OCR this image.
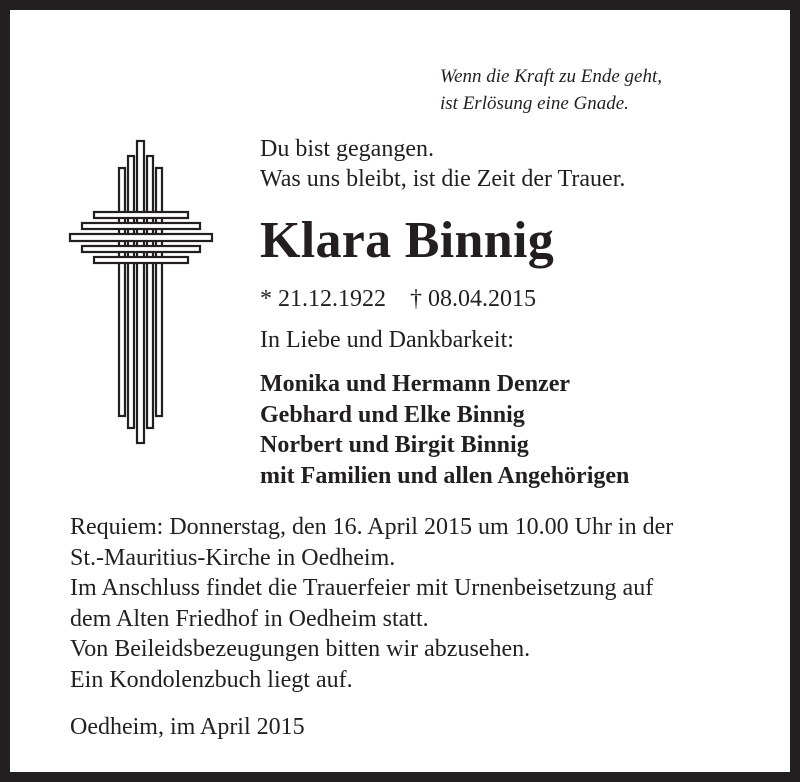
Wenn die Kraft zu Ende geht,
ist Erlösung eine Gnade.
Du bist gegangen.
Was uns bleibt, ist die Zeit der Trauer.
Klara Binnig
* 21.12.1922 † 08.04.2015
In Liebe und Dankbarkeit:
Monika und Hermann Denzer
Gebhard und Elke Binnig
Norbert und Birgit Binnig
mit Familien und allen Angehörigen
Requiem: Donnerstag, den 16. April 2015 um 10.00 Uhr in der
St.-Mauritius-Kirche in Oedheim.
Im Anschluss findet die Trauerfeier mit Urnenbeisetzung auf
dem Alten Friedhof in Oedheim statt.
Von Beileidsbezeugungen bitten wir abzusehen.
Ein Kondolenzbuch liegt auf.
Oedheim, im April 2015
